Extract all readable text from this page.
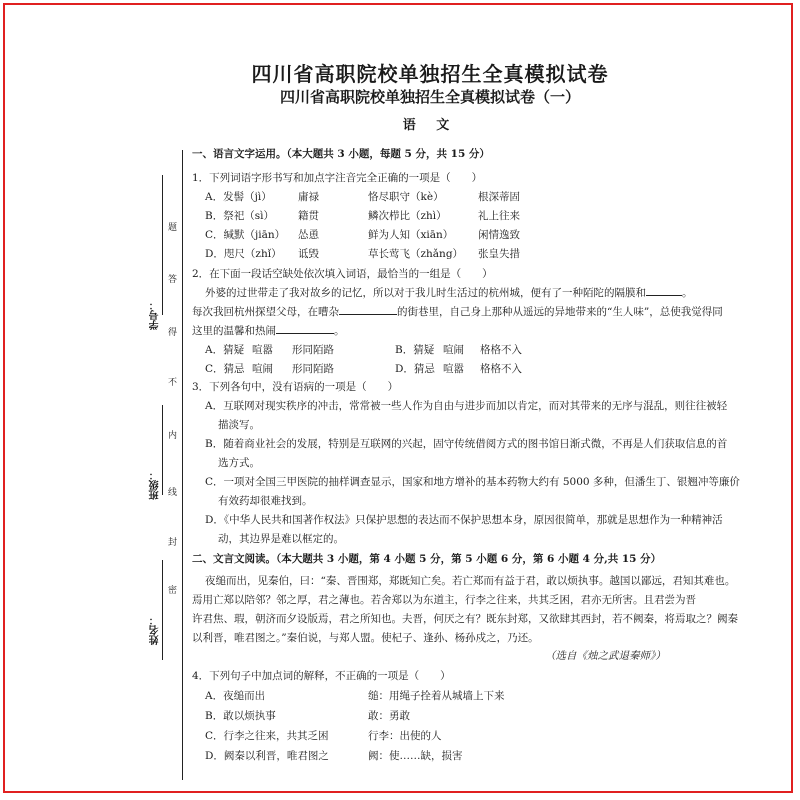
学号：
班级：
姓名：
题
答
得
不
内
线
封
密
四川省高职院校单独招生全真模拟试卷
四川省高职院校单独招生全真模拟试卷（一）
语 文
一、语言文字运用。（本大题共 3 小题，每题 5 分，共 15 分）
1．下列词语字形书写和加点字注音完全正确的一项是（　　）
A．发髻（jì）	庸禄	恪尽职守（kè）	根深蒂固
B．祭祀（sì） 籍贯	鳞次栉比（zhì）	礼上往来
C．缄默（jiān） 怂恿	鲜为人知（xiān） 闲情逸致
D．咫尺（zhǐ） 诋毁	草长莺飞（zhǎng） 张皇失措
2．在下面一段话空缺处依次填入词语，最恰当的一组是（　　）
外婆的过世带走了我对故乡的记忆，所以对于我儿时生活过的杭州城，便有了一种陌陀的隔膜和	。
每次我回杭州探望父母，在嘈杂	的街巷里，自己身上那种从遥远的异地带来的“生人味”，总使我觉得同
这里的温馨和热闹	。
A．猜疑 喧嚣 形同陌路	B．猜疑 喧闹 格格不入
C．猜忌 喧闹 形同陌路	D．猜忌 喧嚣 格格不入
3．下列各句中，没有语病的一项是（　　）
A．互联网对现实秩序的冲击，常常被一些人作为自由与进步而加以肯定，而对其带来的无序与混乱，则往往被轻
描淡写。
B．随着商业社会的发展，特别是互联网的兴起，固守传统借阅方式的图书馆日渐式微，不再是人们获取信息的首
选方式。
C．一项对全国三甲医院的抽样调查显示，国家和地方增补的基本药物大约有 5000 多种，但潘生丁、银翘冲等廉价
有效药却很难找到。
D．《中华人民共和国著作权法》只保护思想的表达而不保护思想本身，原因很简单，那就是思想作为一种精神活
动，其边界是难以框定的。
二、文言文阅读。（本大题共 3 小题，第 4 小题 5 分，第 5 小题 6 分，第 6 小题 4 分,共 15 分）
夜缒而出，见秦伯，曰：“秦、晋围郑，郑既知亡矣。若亡郑而有益于君，敢以烦执事。越国以鄙远，君知其难也。
焉用亡郑以陪邻？邻之厚，君之薄也。若舍郑以为东道主，行李之往来，共其乏困，君亦无所害。且君尝为晋
许君焦、瑕，朝济而夕设版焉，君之所知也。夫晋，何厌之有？既东封郑，又欲肆其西封，若不阙秦，将焉取之？阙秦
以利晋，唯君图之。”秦伯说，与郑人盟。使杞子、逢孙、杨孙戍之，乃还。
（选自《烛之武退秦师》）
4．下列句子中加点词的解释，不正确的一项是（　　）
A．夜缒而出	缒：用绳子拴着从城墙上下来
B．敢以烦执事	敢：勇敢
C．行李之往来，共其乏困	行李：出使的人
D．阙秦以利晋，唯君图之	阙：使……缺，损害
